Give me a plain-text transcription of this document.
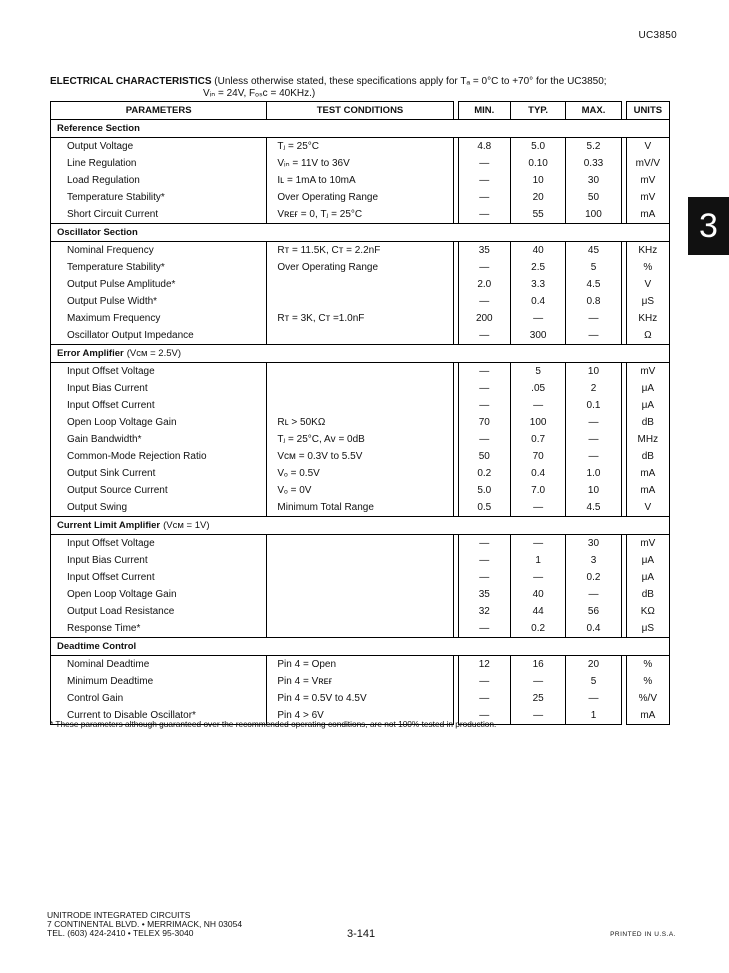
UC3850
3
ELECTRICAL CHARACTERISTICS (Unless otherwise stated, these specifications apply for Tₐ = 0°C to +70° for the UC3850;
Vᵢₙ = 24V, Fₒₛc = 40KHz.)
PARAMETERS	TEST CONDITIONS		MIN.	TYP.	MAX.		UNITS
Reference Section							
Output Voltage	Tⱼ = 25°C		4.8	5.0	5.2		V
Line Regulation	Vᵢₙ = 11V to 36V		—	0.10	0.33		mV/V
Load Regulation	Iʟ = 1mA to 10mA		—	10	30		mV
Temperature Stability*	Over Operating Range		—	20	50		mV
Short Circuit Current	Vʀᴇғ = 0, Tⱼ = 25°C		—	55	100		mA
Oscillator Section							
Nominal Frequency	Rᴛ = 11.5K, Cᴛ = 2.2nF		35	40	45		KHz
Temperature Stability*	Over Operating Range		—	2.5	5		%
Output Pulse Amplitude*			2.0	3.3	4.5		V
Output Pulse Width*			—	0.4	0.8		μS
Maximum Frequency	Rᴛ = 3K, Cᴛ =1.0nF		200	—	—		KHz
Oscillator Output Impedance			—	300	—		Ω
Error Amplifier (Vᴄᴍ = 2.5V)							
Input Offset Voltage			—	5	10		mV
Input Bias Current			—	.05	2		μA
Input Offset Current			—	—	0.1		μA
Open Loop Voltage Gain	Rʟ > 50KΩ		70	100	—		dB
Gain Bandwidth*	Tⱼ = 25°C, Aᴠ = 0dB		—	0.7	—		MHz
Common-Mode Rejection Ratio	Vᴄᴍ = 0.3V to 5.5V		50	70	—		dB
Output Sink Current	Vₒ = 0.5V		0.2	0.4	1.0		mA
Output Source Current	Vₒ = 0V		5.0	7.0	10		mA
Output Swing	Minimum Total Range		0.5	—	4.5		V
Current Limit Amplifier (Vᴄᴍ = 1V)							
Input Offset Voltage			—	—	30		mV
Input Bias Current			—	1	3		μA
Input Offset Current			—	—	0.2		μA
Open Loop Voltage Gain			35	40	—		dB
Output Load Resistance			32	44	56		KΩ
Response Time*			—	0.2	0.4		μS
Deadtime Control							
Nominal Deadtime	Pin 4 = Open		12	16	20		%
Minimum Deadtime	Pin 4 = Vʀᴇғ		—	—	5		%
Control Gain	Pin 4 = 0.5V to 4.5V		—	25	—		%/V
Current to Disable Oscillator*	Pin 4 > 6V		—	—	1		mA
* These parameters although guaranteed over the recommended operating conditions, are not 100% tested in production.
UNITRODE INTEGRATED CIRCUITS
7 CONTINENTAL BLVD. • MERRIMACK, NH 03054
TEL. (603) 424-2410 • TELEX 95-3040	3-141	PRINTED IN U.S.A.
